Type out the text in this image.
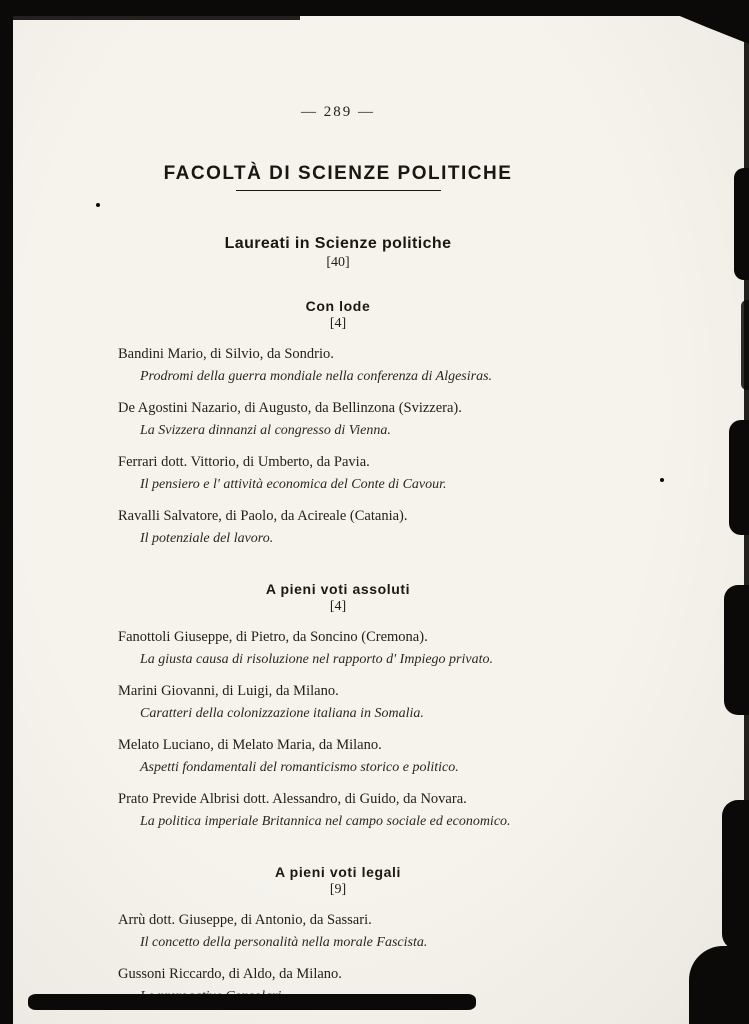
— 289 —
FACOLTÀ DI SCIENZE POLITICHE
Laureati in Scienze politiche
[40]
Con lode
[4]
Bandini Mario, di Silvio, da Sondrio.
Prodromi della guerra mondiale nella conferenza di Algesiras.
De Agostini Nazario, di Augusto, da Bellinzona (Svizzera).
La Svizzera dinnanzi al congresso di Vienna.
Ferrari dott. Vittorio, di Umberto, da Pavia.
Il pensiero e l' attività economica del Conte di Cavour.
Ravalli Salvatore, di Paolo, da Acireale (Catania).
Il potenziale del lavoro.
A pieni voti assoluti
[4]
Fanottoli Giuseppe, di Pietro, da Soncino (Cremona).
La giusta causa di risoluzione nel rapporto d' Impiego privato.
Marini Giovanni, di Luigi, da Milano.
Caratteri della colonizzazione italiana in Somalia.
Melato Luciano, di Melato Maria, da Milano.
Aspetti fondamentali del romanticismo storico e politico.
Prato Previde Albrisi dott. Alessandro, di Guido, da Novara.
La politica imperiale Britannica nel campo sociale ed economico.
A pieni voti legali
[9]
Arrù dott. Giuseppe, di Antonio, da Sassari.
Il concetto della personalità nella morale Fascista.
Gussoni Riccardo, di Aldo, da Milano.
